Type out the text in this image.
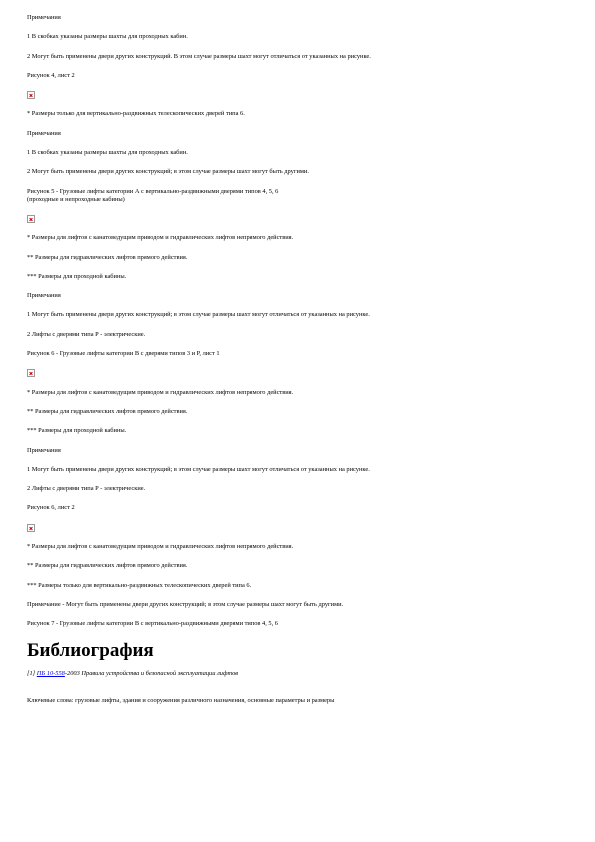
Примечания

1 В скобках указаны размеры шахты для проходных кабин.

2 Могут быть применены двери других конструкций. В этом случае размеры шахт могут отличаться от указанных на рисунке.

Рисунок 4, лист 2

* Размеры только для вертикально-раздвижных телескопических дверей типа 6.

Примечания

1 В скобках указаны размеры шахты для проходных кабин.

2 Могут быть применены двери других конструкций; в этом случае размеры шахт могут быть другими.

Рисунок 5 - Грузовые лифты категории А с вертикально-раздвижными дверями типов 4, 5, 6
(проходные и непроходные кабины)

* Размеры для лифтов с канатоведущим приводом и гидравлических лифтов непрямого действия.

** Размеры для гидравлических лифтов прямого действия.

*** Размеры для проходной кабины.

Примечания

1 Могут быть применены двери других конструкций; в этом случае размеры шахт могут отличаться от указанных на рисунке.

2 Лифты с дверями типа Р - электрические.

Рисунок 6 - Грузовые лифты категории В с дверями типов 3 и Р, лист 1

* Размеры для лифтов с канатоведущим приводом и гидравлических лифтов непрямого действия.

** Размеры для гидравлических лифтов прямого действия.

*** Размеры для проходной кабины.

Примечания

1 Могут быть применены двери других конструкций; в этом случае размеры шахт могут отличаться от указанных на рисунке.

2 Лифты с дверями типа Р - электрические.

Рисунок 6, лист 2

* Размеры для лифтов с канатоведущим приводом и гидравлических лифтов непрямого действия.

** Размеры для гидравлических лифтов прямого действия.

*** Размеры только для вертикально-раздвижных телескопических дверей типа 6.

Примечание - Могут быть применены двери других конструкций; в этом случае размеры шахт могут быть другими.

Рисунок 7 - Грузовые лифты категории В с вертикально-раздвижными дверями типов 4, 5, 6

Библиография

[1] ПБ 10-558-2003 Правила устройства и безопасной эксплуатации лифтов

Ключевые слова: грузовые лифты, здания и сооружения различного назначения, основные параметры и размеры
